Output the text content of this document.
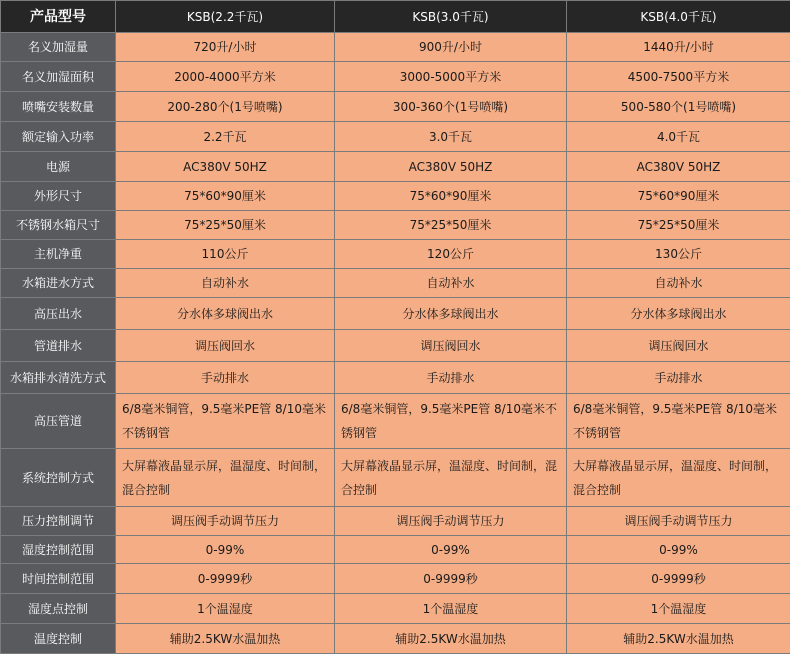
产品型号	KSB(2.2千瓦)	KSB(3.0千瓦)	KSB(4.0千瓦)
名义加湿量	720升/小时	900升/小时	1440升/小时
名义加湿面积	2000-4000平方米	3000-5000平方米	4500-7500平方米
喷嘴安装数量	200-280个(1号喷嘴)	300-360个(1号喷嘴)	500-580个(1号喷嘴)
额定输入功率	2.2千瓦	3.0千瓦	4.0千瓦
电源	AC380V 50HZ	AC380V 50HZ	AC380V 50HZ
外形尺寸	75*60*90厘米	75*60*90厘米	75*60*90厘米
不锈钢水箱尺寸	75*25*50厘米	75*25*50厘米	75*25*50厘米
主机净重	110公斤	120公斤	130公斤
水箱进水方式	自动补水	自动补水	自动补水
高压出水	分水体多球阀出水	分水体多球阀出水	分水体多球阀出水
管道排水	调压阀回水	调压阀回水	调压阀回水
水箱排水清洗方式	手动排水	手动排水	手动排水
高压管道	6/8毫米铜管，9.5毫米PE管 8/10毫米不锈钢管	6/8毫米铜管，9.5毫米PE管 8/10毫米不锈钢管	6/8毫米铜管，9.5毫米PE管 8/10毫米不锈钢管
系统控制方式	大屏幕液晶显示屏，温湿度、时间制，混合控制	大屏幕液晶显示屏，温湿度、时间制，混合控制	大屏幕液晶显示屏，温湿度、时间制，混合控制
压力控制调节	调压阀手动调节压力	调压阀手动调节压力	调压阀手动调节压力
湿度控制范围	0-99%	0-99%	0-99%
时间控制范围	0-9999秒	0-9999秒	0-9999秒
湿度点控制	1个温湿度	1个温湿度	1个温湿度
温度控制	辅助2.5KW水温加热	辅助2.5KW水温加热	辅助2.5KW水温加热
